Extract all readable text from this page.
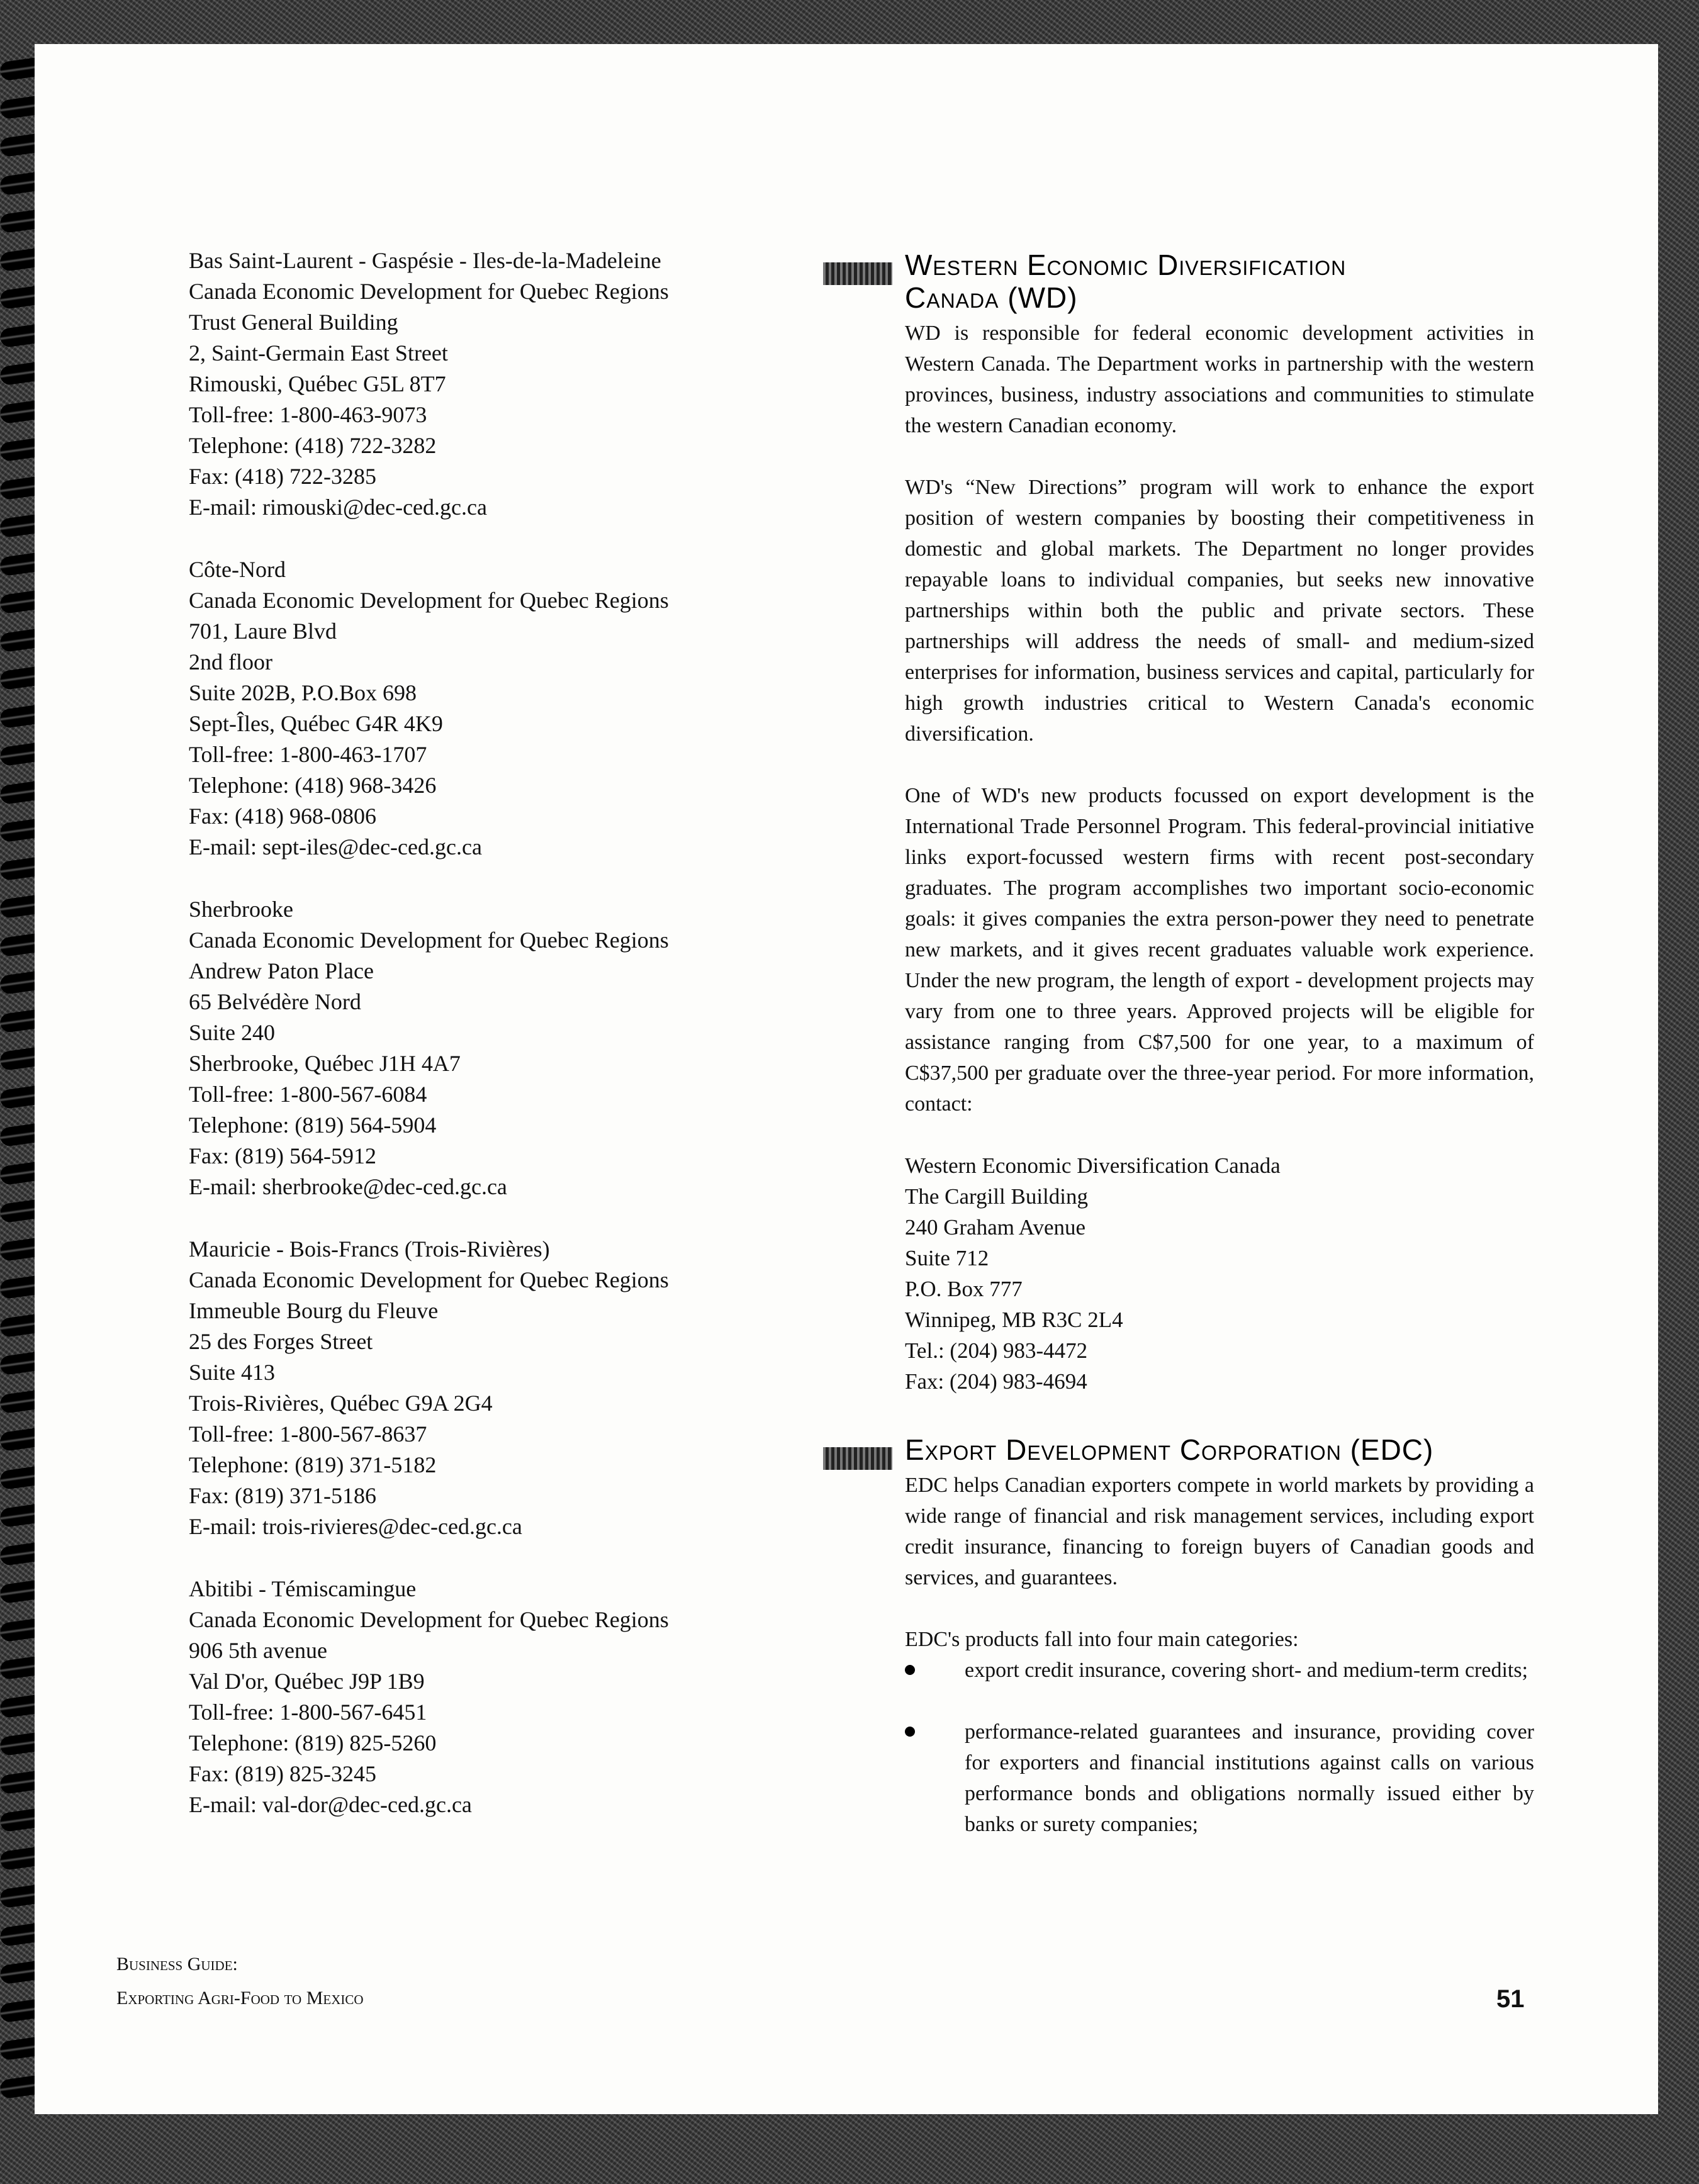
Bas Saint-Laurent - Gaspésie - Iles-de-la-Madeleine
Canada Economic Development for Quebec Regions
Trust General Building
2, Saint-Germain East Street
Rimouski, Québec G5L 8T7
Toll-free: 1-800-463-9073
Telephone: (418) 722-3282
Fax: (418) 722-3285
E-mail: rimouski@dec-ced.gc.ca
Côte-Nord
Canada Economic Development for Quebec Regions
701, Laure Blvd
2nd floor
Suite 202B, P.O.Box 698
Sept-Îles, Québec G4R 4K9
Toll-free: 1-800-463-1707
Telephone: (418) 968-3426
Fax: (418) 968-0806
E-mail: sept-iles@dec-ced.gc.ca
Sherbrooke
Canada Economic Development for Quebec Regions
Andrew Paton Place
65 Belvédère Nord
Suite 240
Sherbrooke, Québec J1H 4A7
Toll-free: 1-800-567-6084
Telephone: (819) 564-5904
Fax: (819) 564-5912
E-mail: sherbrooke@dec-ced.gc.ca
Mauricie - Bois-Francs (Trois-Rivières)
Canada Economic Development for Quebec Regions
Immeuble Bourg du Fleuve
25 des Forges Street
Suite 413
Trois-Rivières, Québec G9A 2G4
Toll-free: 1-800-567-8637
Telephone: (819) 371-5182
Fax: (819) 371-5186
E-mail: trois-rivieres@dec-ced.gc.ca
Abitibi - Témiscamingue
Canada Economic Development for Quebec Regions
906 5th avenue
Val D'or, Québec J9P 1B9
Toll-free: 1-800-567-6451
Telephone: (819) 825-5260
Fax: (819) 825-3245
E-mail: val-dor@dec-ced.gc.ca
Western Economic Diversification
Canada (WD)

WD is responsible for federal economic development activities in Western Canada. The Department works in partnership with the western provinces, business, industry associations and communities to stimulate the western Canadian economy.

WD's “New Directions” program will work to enhance the export position of western companies by boosting their competitiveness in domestic and global markets. The Department no longer provides repayable loans to individual companies, but seeks new innovative partnerships within both the public and private sectors. These partnerships will address the needs of small- and medium-sized enterprises for information, business services and capital, particularly for high growth industries critical to Western Canada's economic diversification.

One of WD's new products focussed on export development is the International Trade Personnel Program. This federal-provincial initiative links export-focussed western firms with recent post-secondary graduates. The program accomplishes two important socio-economic goals: it gives companies the extra person-power they need to penetrate new markets, and it gives recent graduates valuable work experience. Under the new program, the length of export - development projects may vary from one to three years. Approved projects will be eligible for assistance ranging from C$7,500 for one year, to a maximum of C$37,500 per graduate over the three-year period. For more information, contact:

Western Economic Diversification Canada
The Cargill Building
240 Graham Avenue
Suite 712
P.O. Box 777
Winnipeg, MB R3C 2L4
Tel.: (204) 983-4472
Fax: (204) 983-4694
Export Development Corporation (EDC)

EDC helps Canadian exporters compete in world markets by providing a wide range of financial and risk management services, including export credit insurance, financing to foreign buyers of Canadian goods and services, and guarantees.

EDC's products fall into four main categories:
export credit insurance, covering short- and medium-term credits;
performance-related guarantees and insurance, providing cover for exporters and financial institutions against calls on various performance bonds and obligations normally issued either by banks or surety companies;
Business Guide:
Exporting Agri-Food to Mexico	51
